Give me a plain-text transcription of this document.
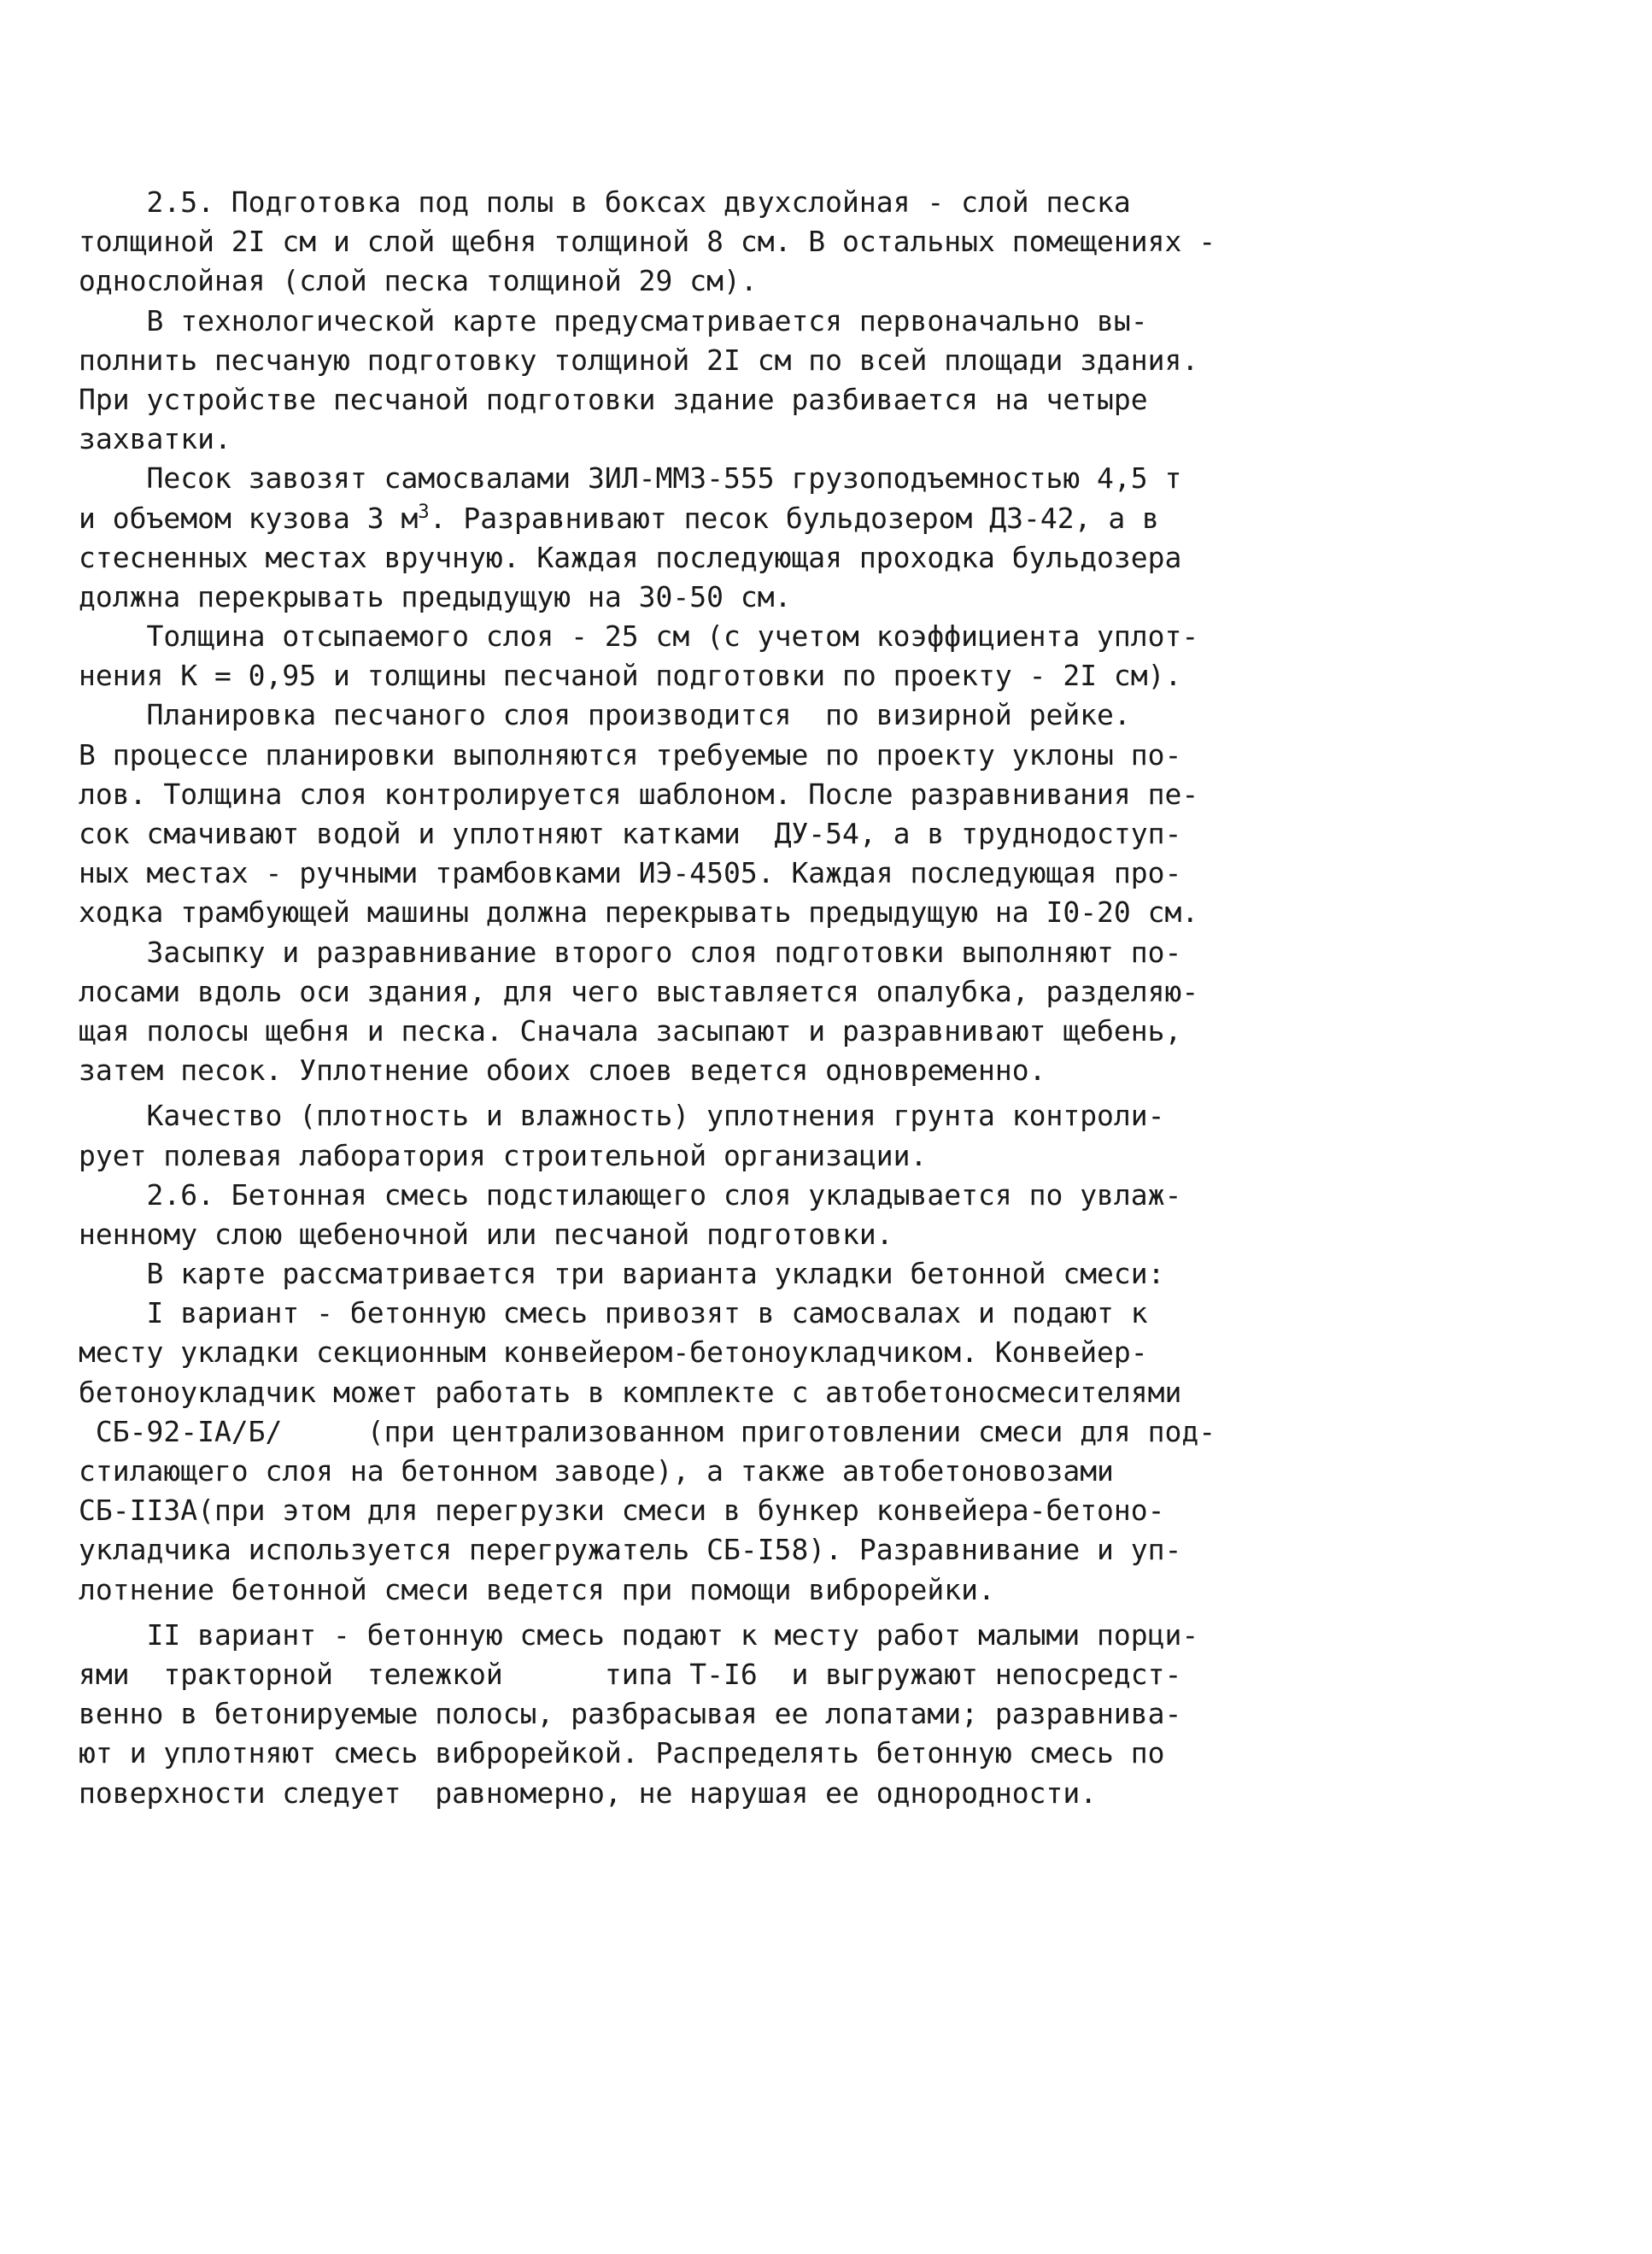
2.5. Подготовка под полы в боксах двухслойная - слой песка
толщиной 2I см и слой щебня толщиной 8 см. В остальных помещениях -
однослойная (слой песка толщиной 29 см).
В технологической карте предусматривается первоначально вы-
полнить песчаную подготовку толщиной 2I см по всей площади здания.
При устройстве песчаной подготовки здание разбивается на четыре
захватки.
Песок завозят самосвалами ЗИЛ-ММЗ-555 грузоподъемностью 4,5 т
и объемом кузова 3 $м^3$. Разравнивают песок бульдозером ДЗ-42, а в
стесненных местах вручную. Каждая последующая проходка бульдозера
должна перекрывать предыдущую на 30-50 см.
Толщина отсыпаемого слоя - 25 см (с учетом коэффициента уплот-
нения К = 0,95 и толщины песчаной подготовки по проекту - 2I см).
Планировка песчаного слоя производится  по визирной рейке.
В процессе планировки выполняются требуемые по проекту уклоны по-
лов. Толщина слоя контролируется шаблоном. После разравнивания пе-
сок смачивают водой и уплотняют катками  ДУ-54, а в труднодоступ-
ных местах - ручными трамбовками ИЭ-4505. Каждая последующая про-
ходка трамбующей машины должна перекрывать предыдущую на I0-20 см.
Засыпку и разравнивание второго слоя подготовки выполняют по-
лосами вдоль оси здания, для чего выставляется опалубка, разделяю-
щая полосы щебня и песка. Сначала засыпают и разравнивают щебень,
затем песок. Уплотнение обоих слоев ведется одновременно.
Качество (плотность и влажность) уплотнения грунта контроли-
рует полевая лаборатория строительной организации.
2.6. Бетонная смесь подстилающего слоя укладывается по увлаж-
ненному слою щебеночной или песчаной подготовки.
В карте рассматривается три варианта укладки бетонной смеси:
I вариант - бетонную смесь привозят в самосвалах и подают к
месту укладки секционным конвейером-бетоноукладчиком. Конвейер-
бетоноукладчик может работать в комплекте с автобетоносмесителями
СБ-92-IА/Б/     (при централизованном приготовлении смеси для под-
стилающего слоя на бетонном заводе), а также автобетоновозами
СБ-II3А(при этом для перегрузки смеси в бункер конвейера-бетоно-
укладчика используется перегружатель СБ-I58). Разравнивание и уп-
лотнение бетонной смеси ведется при помощи виброрейки.
II вариант - бетонную смесь подают к месту работ малыми порци-
ями  тракторной  тележкой      типа Т-I6  и выгружают непосредст-
венно в бетонируемые полосы, разбрасывая ее лопатами; разравнива-
ют и уплотняют смесь виброрейкой. Распределять бетонную смесь по
поверхности следует  равномерно, не нарушая ее однородности.
